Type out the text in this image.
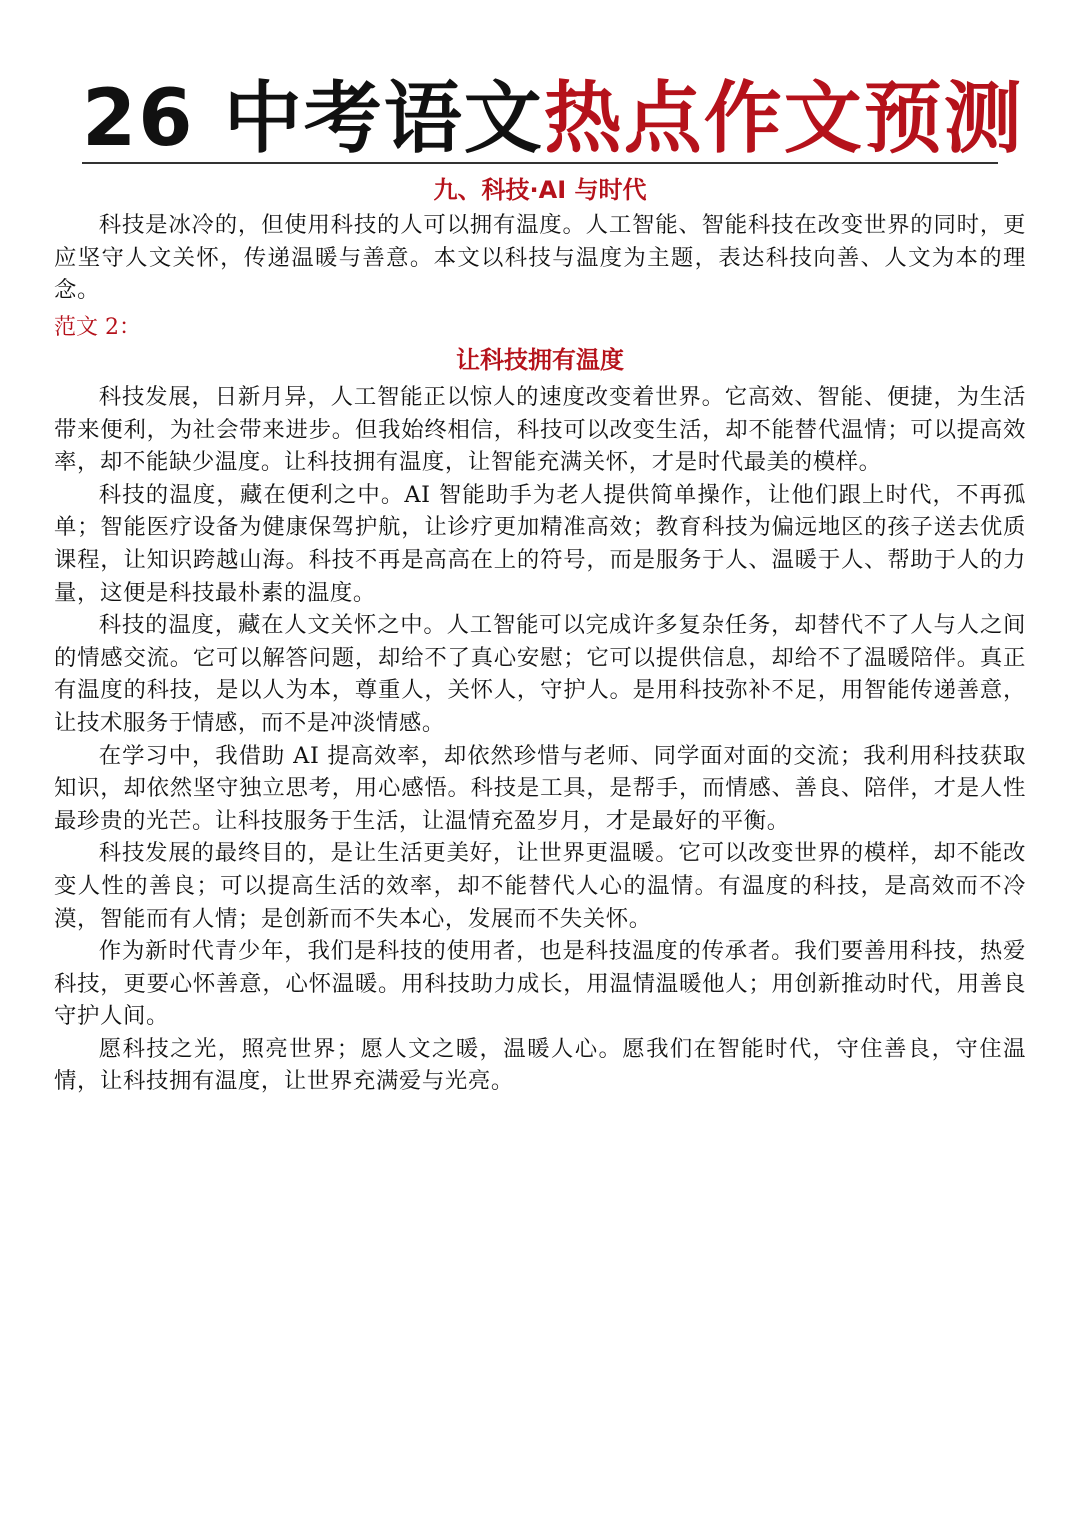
26 中考语文热点作文预测
九、科技·AI 与时代

科技是冰冷的，但使用科技的人可以拥有温度。人工智能、智能科技在改变世界的同时，更应坚守人文关怀，传递温暖与善意。本文以科技与温度为主题，表达科技向善、人文为本的理念。

范文 2：
让科技拥有温度

科技发展，日新月异，人工智能正以惊人的速度改变着世界。它高效、智能、便捷，为生活带来便利，为社会带来进步。但我始终相信，科技可以改变生活，却不能替代温情；可以提高效率，却不能缺少温度。让科技拥有温度，让智能充满关怀，才是时代最美的模样。

科技的温度，藏在便利之中。AI 智能助手为老人提供简单操作，让他们跟上时代，不再孤单；智能医疗设备为健康保驾护航，让诊疗更加精准高效；教育科技为偏远地区的孩子送去优质课程，让知识跨越山海。科技不再是高高在上的符号，而是服务于人、温暖于人、帮助于人的力量，这便是科技最朴素的温度。

科技的温度，藏在人文关怀之中。人工智能可以完成许多复杂任务，却替代不了人与人之间的情感交流。它可以解答问题，却给不了真心安慰；它可以提供信息，却给不了温暖陪伴。真正有温度的科技，是以人为本，尊重人，关怀人，守护人。是用科技弥补不足，用智能传递善意，让技术服务于情感，而不是冲淡情感。

在学习中，我借助 AI 提高效率，却依然珍惜与老师、同学面对面的交流；我利用科技获取知识，却依然坚守独立思考，用心感悟。科技是工具，是帮手，而情感、善良、陪伴，才是人性最珍贵的光芒。让科技服务于生活，让温情充盈岁月，才是最好的平衡。

科技发展的最终目的，是让生活更美好，让世界更温暖。它可以改变世界的模样，却不能改变人性的善良；可以提高生活的效率，却不能替代人心的温情。有温度的科技，是高效而不冷漠，智能而有人情；是创新而不失本心，发展而不失关怀。

作为新时代青少年，我们是科技的使用者，也是科技温度的传承者。我们要善用科技，热爱科技，更要心怀善意，心怀温暖。用科技助力成长，用温情温暖他人；用创新推动时代，用善良守护人间。

愿科技之光，照亮世界；愿人文之暖，温暖人心。愿我们在智能时代，守住善良，守住温情，让科技拥有温度，让世界充满爱与光亮。
